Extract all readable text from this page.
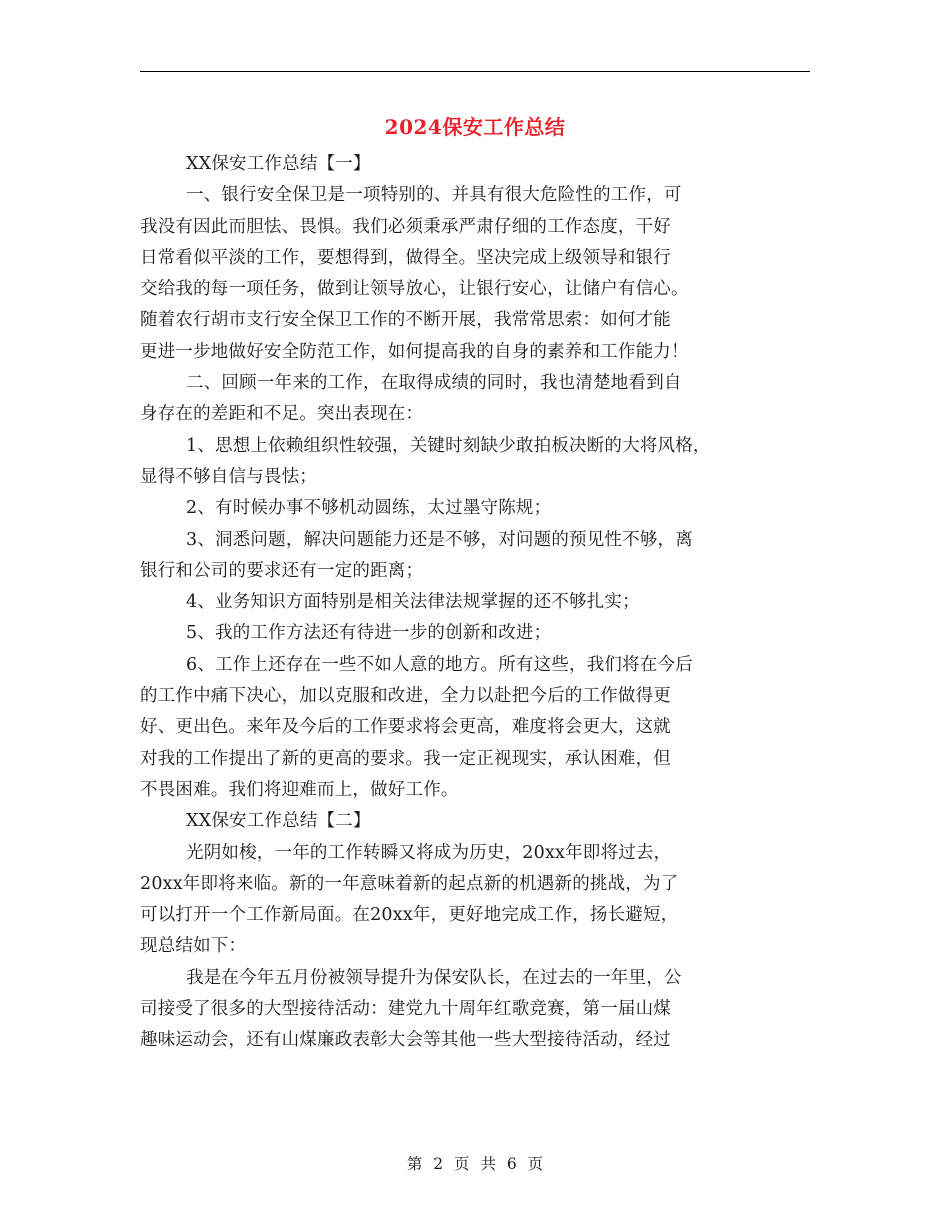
2024保安工作总结
XX保安工作总结【一】
一、银行安全保卫是一项特别的、并具有很大危险性的工作，可
我没有因此而胆怯、畏惧。我们必须秉承严肃仔细的工作态度，干好
日常看似平淡的工作，要想得到，做得全。坚决完成上级领导和银行
交给我的每一项任务，做到让领导放心，让银行安心，让储户有信心。
随着农行胡市支行安全保卫工作的不断开展，我常常思索：如何才能
更进一步地做好安全防范工作，如何提高我的自身的素养和工作能力！
二、回顾一年来的工作，在取得成绩的同时，我也清楚地看到自
身存在的差距和不足。突出表现在：
1、思想上依赖组织性较强，关键时刻缺少敢拍板决断的大将风格，
显得不够自信与畏怯；
2、有时候办事不够机动圆练，太过墨守陈规；
3、洞悉问题，解决问题能力还是不够，对问题的预见性不够，离
银行和公司的要求还有一定的距离；
4、业务知识方面特别是相关法律法规掌握的还不够扎实；
5、我的工作方法还有待进一步的创新和改进；
6、工作上还存在一些不如人意的地方。所有这些，我们将在今后
的工作中痛下决心，加以克服和改进，全力以赴把今后的工作做得更
好、更出色。来年及今后的工作要求将会更高，难度将会更大，这就
对我的工作提出了新的更高的要求。我一定正视现实，承认困难，但
不畏困难。我们将迎难而上，做好工作。
XX保安工作总结【二】
光阴如梭，一年的工作转瞬又将成为历史，20xx年即将过去，
20xx年即将来临。新的一年意味着新的起点新的机遇新的挑战，为了
可以打开一个工作新局面。在20xx年，更好地完成工作，扬长避短，
现总结如下：
我是在今年五月份被领导提升为保安队长，在过去的一年里，公
司接受了很多的大型接待活动：建党九十周年红歌竞赛，第一届山煤
趣味运动会，还有山煤廉政表彰大会等其他一些大型接待活动，经过
第 2 页 共 6 页
